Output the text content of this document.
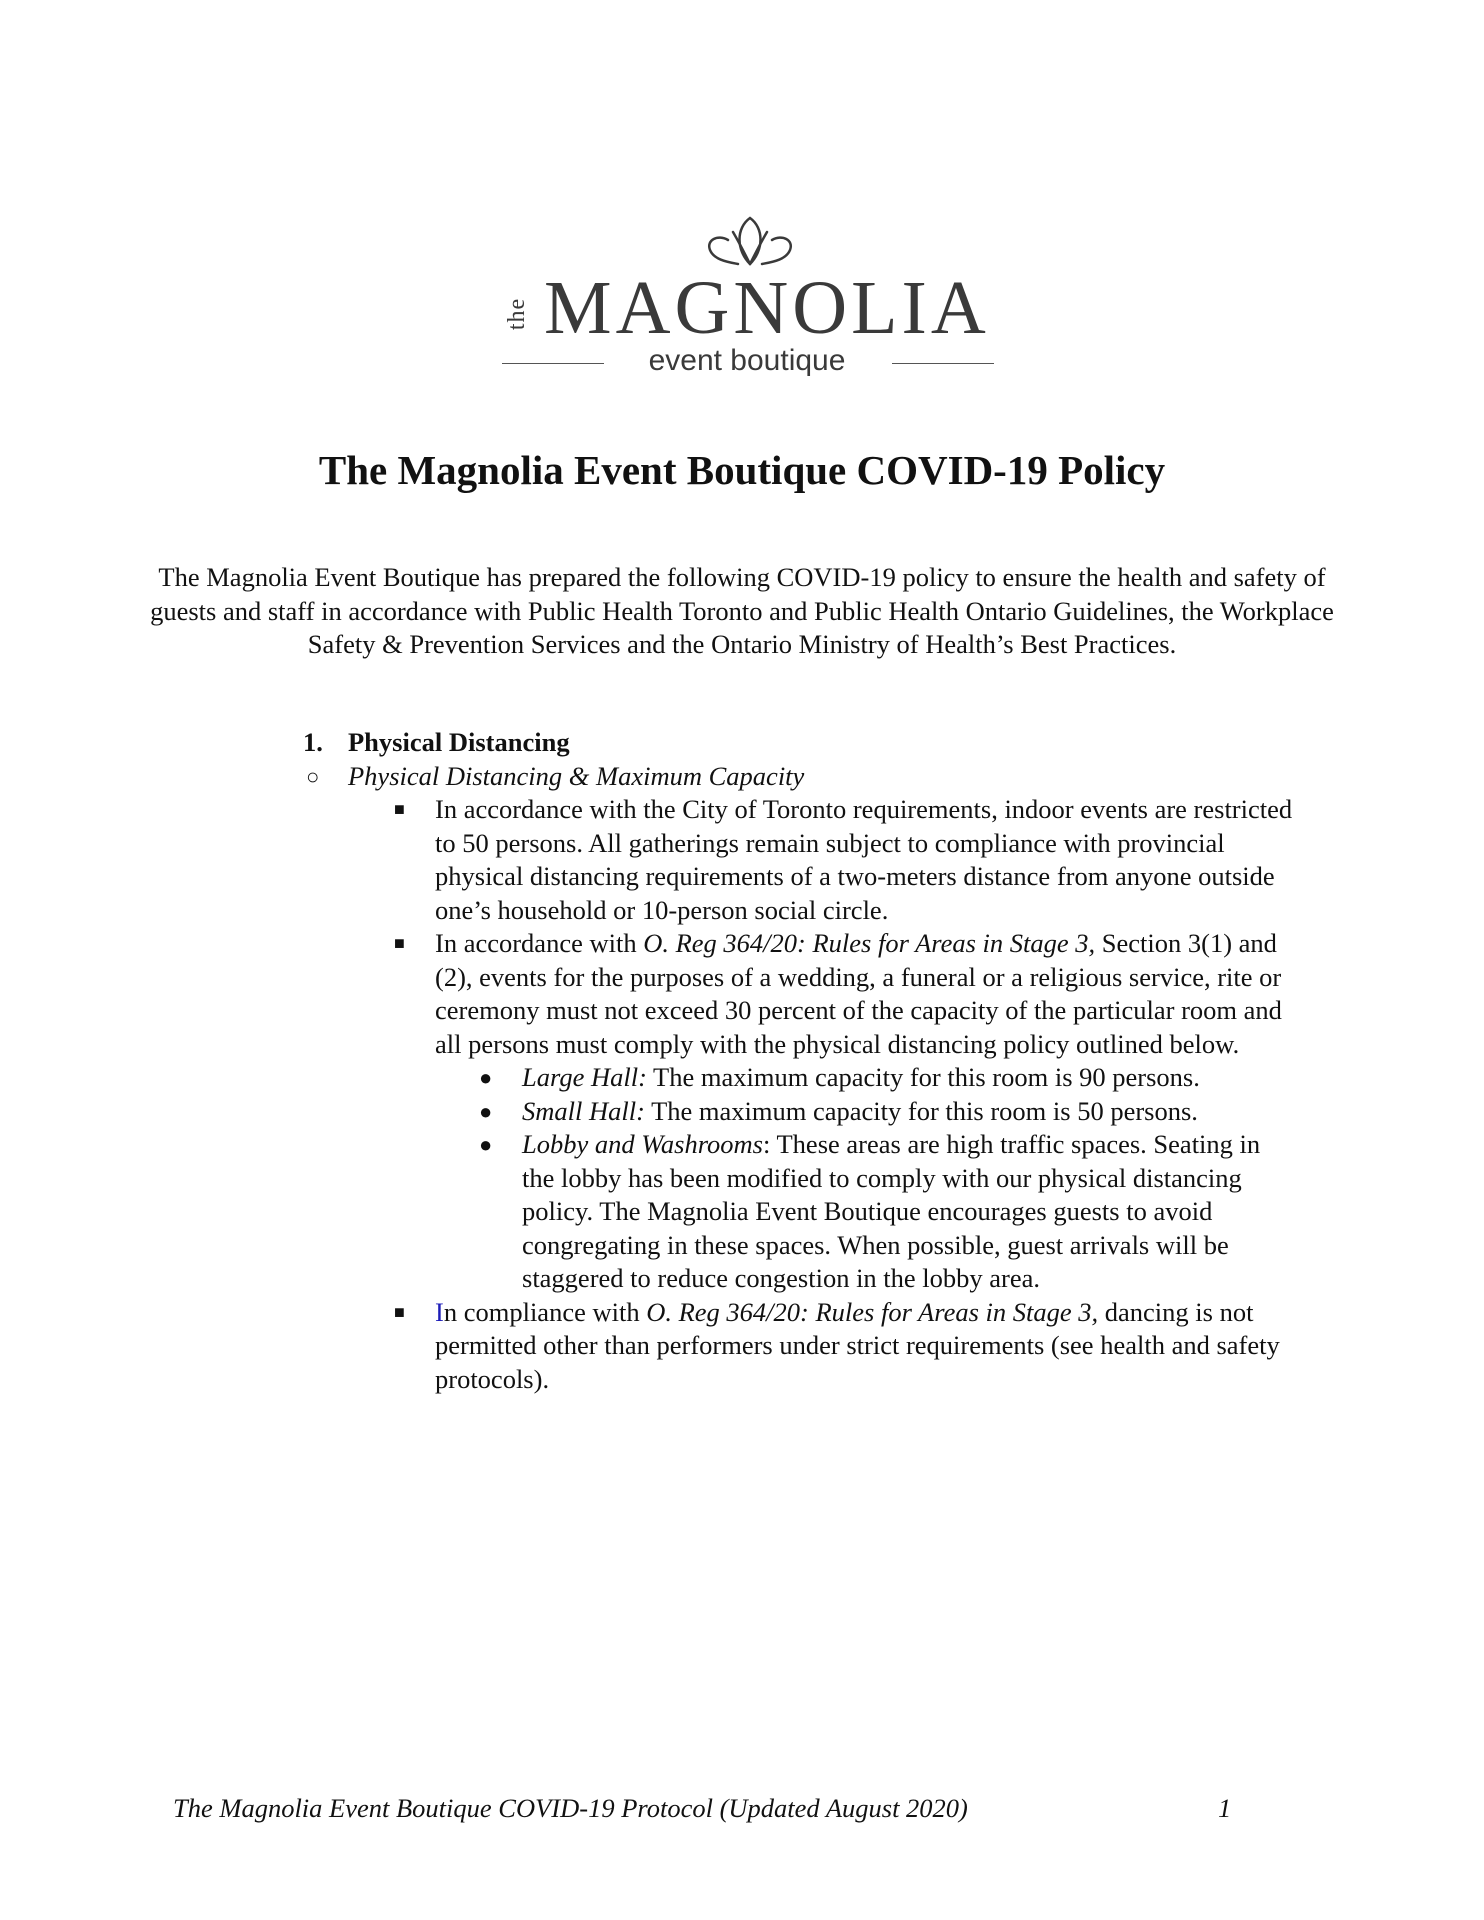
the MAGNOLIA
event boutique
The Magnolia Event Boutique COVID-19 Policy

The Magnolia Event Boutique has prepared the following COVID-19 policy to ensure the health and safety of guests and staff in accordance with Public Health Toronto and Public Health Ontario Guidelines, the Workplace Safety & Prevention Services and the Ontario Ministry of Health’s Best Practices.

1. Physical Distancing
○ Physical Distancing & Maximum Capacity
■ In accordance with the City of Toronto requirements, indoor events are restricted to 50 persons. All gatherings remain subject to compliance with provincial physical distancing requirements of a two-meters distance from anyone outside one’s household or 10-person social circle.
■ In accordance with O. Reg 364/20: Rules for Areas in Stage 3, Section 3(1) and (2), events for the purposes of a wedding, a funeral or a religious service, rite or ceremony must not exceed 30 percent of the capacity of the particular room and all persons must comply with the physical distancing policy outlined below.
● Large Hall: The maximum capacity for this room is 90 persons.
● Small Hall: The maximum capacity for this room is 50 persons.
● Lobby and Washrooms: These areas are high traffic spaces. Seating in the lobby has been modified to comply with our physical distancing policy. The Magnolia Event Boutique encourages guests to avoid congregating in these spaces. When possible, guest arrivals will be staggered to reduce congestion in the lobby area.
■ In compliance with O. Reg 364/20: Rules for Areas in Stage 3, dancing is not permitted other than performers under strict requirements (see health and safety protocols).
The Magnolia Event Boutique COVID-19 Protocol (Updated August 2020)	1
